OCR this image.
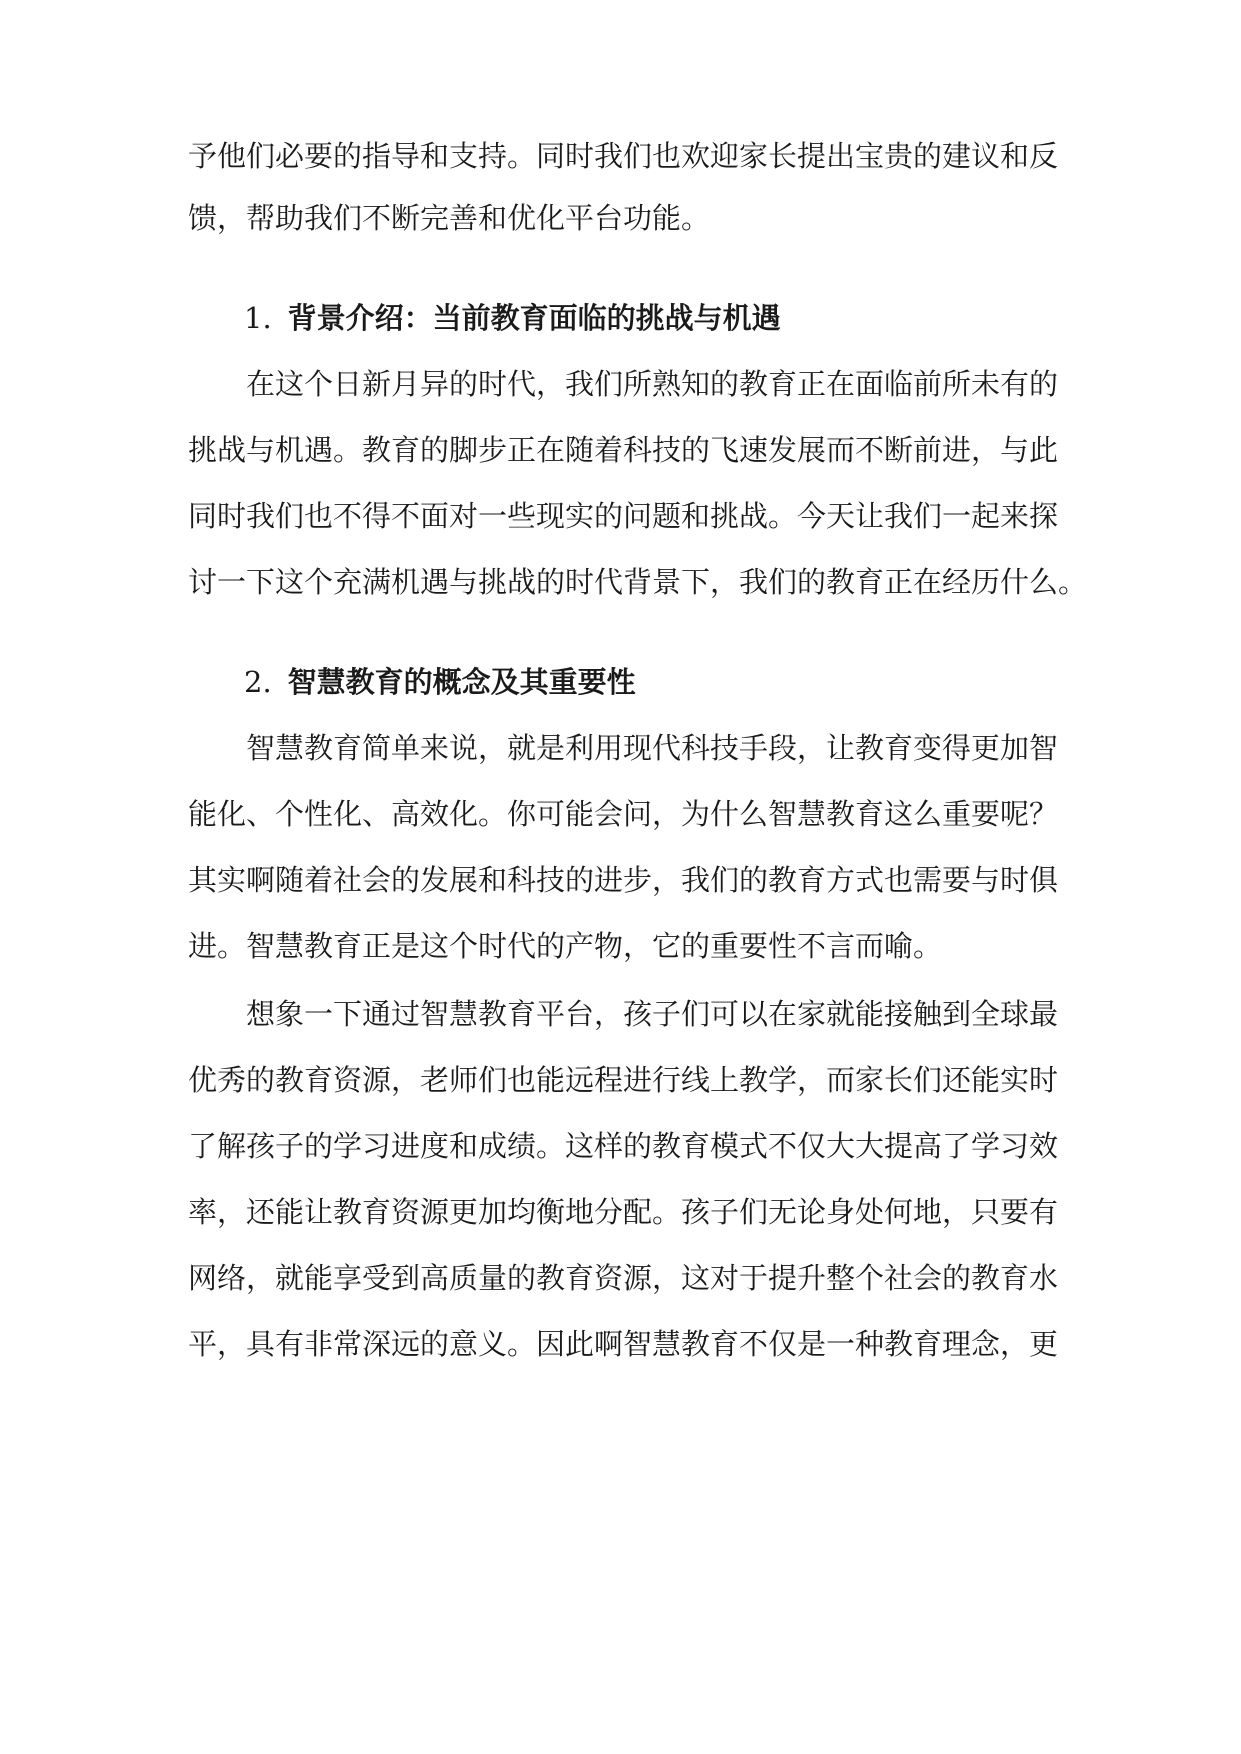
予他们必要的指导和支持。同时我们也欢迎家长提出宝贵的建议和反
馈，帮助我们不断完善和优化平台功能。
1. 背景介绍：当前教育面临的挑战与机遇
　　在这个日新月异的时代，我们所熟知的教育正在面临前所未有的
挑战与机遇。教育的脚步正在随着科技的飞速发展而不断前进，与此
同时我们也不得不面对一些现实的问题和挑战。今天让我们一起来探
讨一下这个充满机遇与挑战的时代背景下，我们的教育正在经历什么。
2. 智慧教育的概念及其重要性
　　智慧教育简单来说，就是利用现代科技手段，让教育变得更加智
能化、个性化、高效化。你可能会问，为什么智慧教育这么重要呢？
其实啊随着社会的发展和科技的进步，我们的教育方式也需要与时俱
进。智慧教育正是这个时代的产物，它的重要性不言而喻。
　　想象一下通过智慧教育平台，孩子们可以在家就能接触到全球最
优秀的教育资源，老师们也能远程进行线上教学，而家长们还能实时
了解孩子的学习进度和成绩。这样的教育模式不仅大大提高了学习效
率，还能让教育资源更加均衡地分配。孩子们无论身处何地，只要有
网络，就能享受到高质量的教育资源，这对于提升整个社会的教育水
平，具有非常深远的意义。因此啊智慧教育不仅是一种教育理念，更
